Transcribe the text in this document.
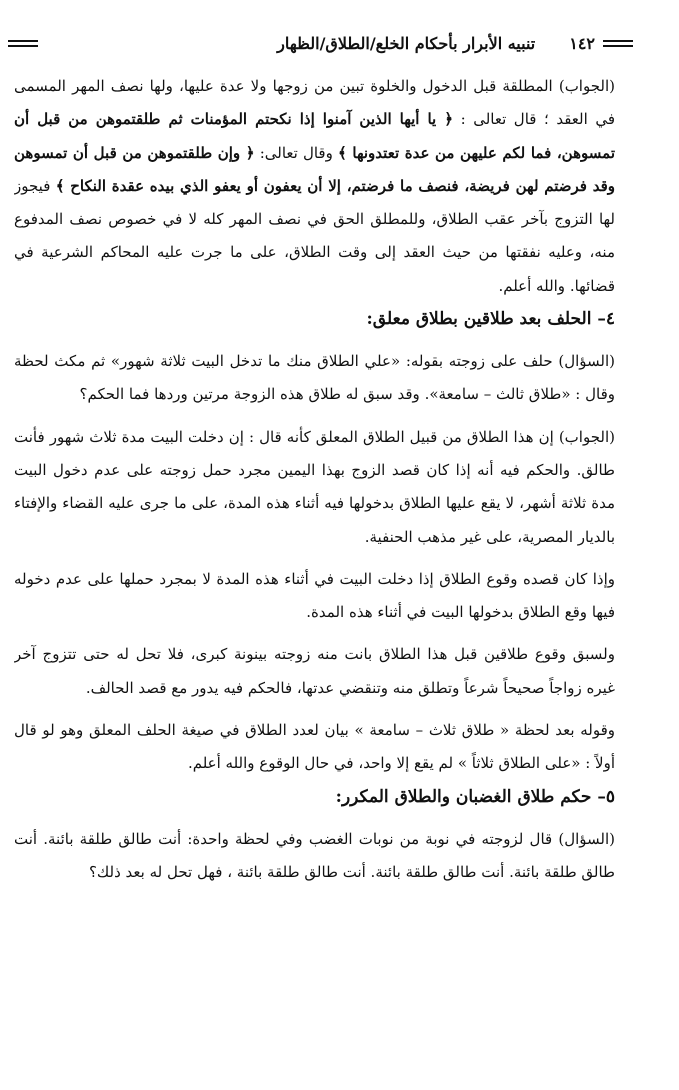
١٤٢
تنبيه الأبرار بأحكام الخلع/الطلاق/الظهار

(الجواب) المطلقة قبل الدخول والخلوة تبين من زوجها ولا عدة عليها، ولها نصف المهر المسمى في العقد ؛ قال تعالى : ﴿ يا أيها الذين آمنوا إذا نكحتم المؤمنات ثم طلقتموهن من قبل أن تمسوهن، فما لكم عليهن من عدة تعتدونها ﴾ وقال تعالى: ﴿ وإن طلقتموهن من قبل أن تمسوهن وقد فرضتم لهن فريضة، فنصف ما فرضتم، إلا أن يعفون أو يعفو الذي بيده عقدة النكاح ﴾ فيجوز لها التزوج بآخر عقب الطلاق، وللمطلق الحق في نصف المهر كله لا في خصوص نصف المدفوع منه، وعليه نفقتها من حيث العقد إلى وقت الطلاق، على ما جرت عليه المحاكم الشرعية في قضائها. والله أعلم.

٤– الحلف بعد طلاقين بطلاق معلق:

(السؤال) حلف على زوجته بقوله: «علي الطلاق منك ما تدخل البيت ثلاثة شهور» ثم مكث لحظة وقال : «طلاق ثالث – سامعة». وقد سبق له طلاق هذه الزوجة مرتين وردها فما الحكم؟

(الجواب) إن هذا الطلاق من قبيل الطلاق المعلق كأنه قال : إن دخلت البيت مدة ثلاث شهور فأنت طالق. والحكم فيه أنه إذا كان قصد الزوج بهذا اليمين مجرد حمل زوجته على عدم دخول البيت مدة ثلاثة أشهر، لا يقع عليها الطلاق بدخولها فيه أثناء هذه المدة، على ما جرى عليه القضاء والإفتاء بالديار المصرية، على غير مذهب الحنفية.

وإذا كان قصده وقوع الطلاق إذا دخلت البيت في أثناء هذه المدة لا بمجرد حملها على عدم دخوله فيها وقع الطلاق بدخولها البيت في أثناء هذه المدة.

ولسبق وقوع طلاقين قبل هذا الطلاق بانت منه زوجته بينونة كبرى، فلا تحل له حتى تتزوج آخر غيره زواجاً صحيحاً شرعاً وتطلق منه وتنقضي عدتها، فالحكم فيه يدور مع قصد الحالف.

وقوله بعد لحظة « طلاق ثلاث – سامعة » بيان لعدد الطلاق في صيغة الحلف المعلق وهو لو قال أولاً : «على الطلاق ثلاثاً » لم يقع إلا واحد، في حال الوقوع والله أعلم.

٥– حكم طلاق الغضبان والطلاق المكرر:

(السؤال) قال لزوجته في نوبة من نوبات الغضب وفي لحظة واحدة: أنت طالق طلقة بائنة. أنت طالق طلقة بائنة. أنت طالق طلقة بائنة. أنت طالق طلقة بائنة ، فهل تحل له بعد ذلك؟
